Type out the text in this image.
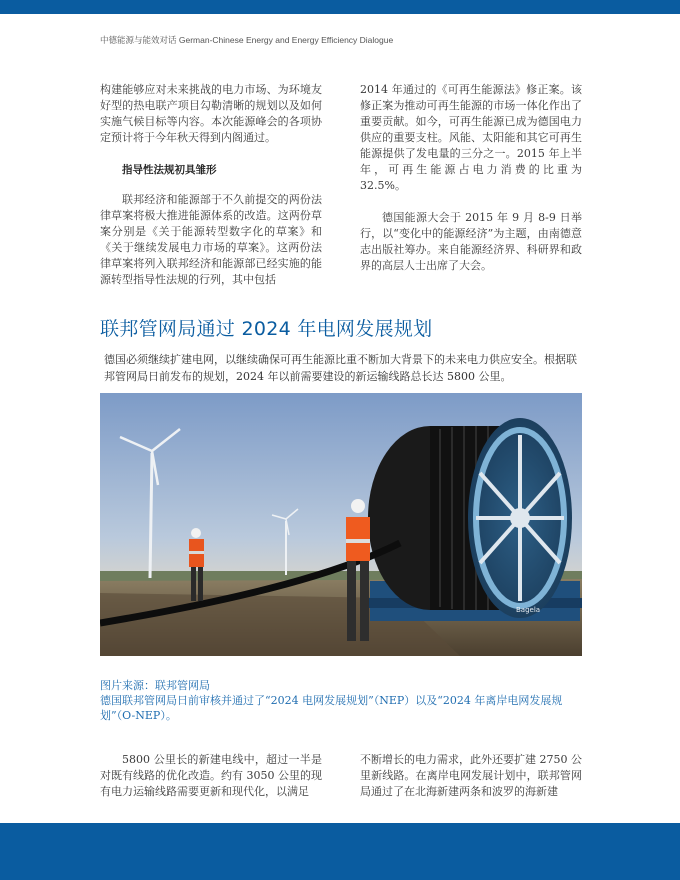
中德能源与能效对话 German-Chinese Energy and Energy Efficiency Dialogue

构建能够应对未来挑战的电力市场、为环境友好型的热电联产项目勾勒清晰的规划以及如何实施气候目标等内容。本次能源峰会的各项协定预计将于今年秋天得到内阁通过。

指导性法规初具雏形

联邦经济和能源部于不久前提交的两份法律草案将极大推进能源体系的改造。这两份草案分别是《关于能源转型数字化的草案》和《关于继续发展电力市场的草案》。这两份法律草案将列入联邦经济和能源部已经实施的能源转型指导性法规的行列，其中包括

2014 年通过的《可再生能源法》修正案。该修正案为推动可再生能源的市场一体化作出了重要贡献。如今，可再生能源已成为德国电力供应的重要支柱。风能、太阳能和其它可再生能源提供了发电量的三分之一。2015 年上半年，可再生能源占电力消费的比重为 32.5%。

德国能源大会于 2015 年 9 月 8-9 日举行，以“变化中的能源经济”为主题，由南德意志出版社筹办。来自能源经济界、科研界和政界的高层人士出席了大会。

联邦管网局通过 2024 年电网发展规划
德国必须继续扩建电网，以继续确保可再生能源比重不断加大背景下的未来电力供应安全。根据联邦管网局日前发布的规划，2024 年以前需要建设的新运输线路总长达 5800 公里。
Bagela

图片来源：联邦管网局

德国联邦管网局日前审核并通过了“2024 电网发展规划”（NEP）以及“2024 年离岸电网发展规划”（O-NEP）。

5800 公里长的新建电线中，超过一半是对既有线路的优化改造。约有 3050 公里的现有电力运输线路需要更新和现代化，以满足

不断增长的电力需求，此外还要扩建 2750 公里新线路。在离岸电网发展计划中，联邦管网局通过了在北海新建两条和波罗的海新建
